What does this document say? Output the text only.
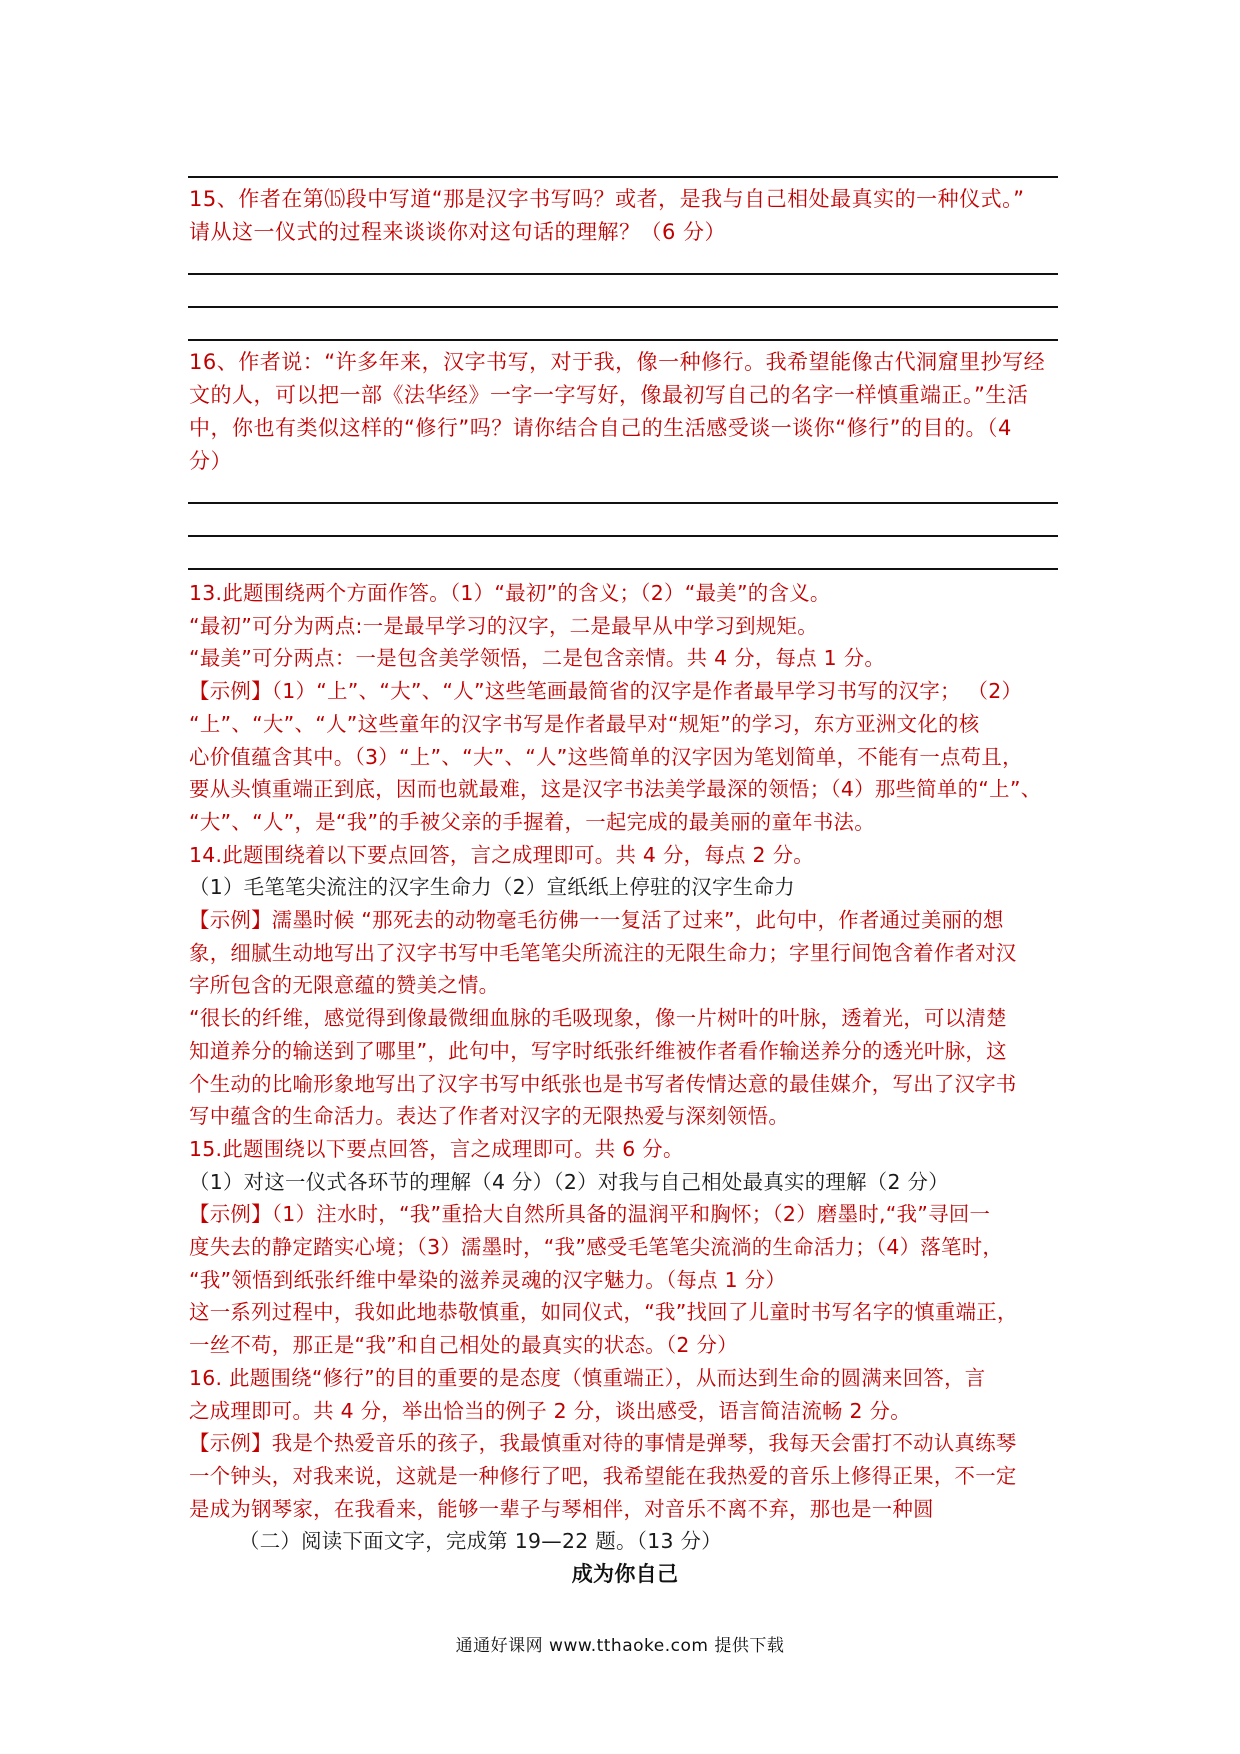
15、作者在第⒂段中写道“那是汉字书写吗？或者，是我与自己相处最真实的一种仪式。”
请从这一仪式的过程来谈谈你对这句话的理解？（6 分）
16、作者说：“许多年来，汉字书写，对于我，像一种修行。我希望能像古代洞窟里抄写经
文的人，可以把一部《法华经》一字一字写好，像最初写自己的名字一样慎重端正。”生活
中，你也有类似这样的“修行”吗？请你结合自己的生活感受谈一谈你“修行”的目的。（4
分）

13.此题围绕两个方面作答。（1）“最初”的含义；（2）“最美”的含义。

“最初”可分为两点:一是最早学习的汉字，二是最早从中学习到规矩。

“最美”可分两点：一是包含美学领悟，二是包含亲情。共 4 分，每点 1 分。

【示例】（1）“上”、“大”、“人”这些笔画最简省的汉字是作者最早学习书写的汉字； （2）

“上”、“大”、“人”这些童年的汉字书写是作者最早对“规矩”的学习，东方亚洲文化的核

心价值蕴含其中。（3）“上”、“大”、“人”这些简单的汉字因为笔划简单，不能有一点苟且，

要从头慎重端正到底，因而也就最难，这是汉字书法美学最深的领悟；（4）那些简单的“上”、

“大”、“人”，是“我”的手被父亲的手握着，一起完成的最美丽的童年书法。

14.此题围绕着以下要点回答，言之成理即可。共 4 分，每点 2 分。

（1）毛笔笔尖流注的汉字生命力（2）宣纸纸上停驻的汉字生命力

【示例】濡墨时候 “那死去的动物毫毛彷佛一一复活了过来”，此句中，作者通过美丽的想

象，细腻生动地写出了汉字书写中毛笔笔尖所流注的无限生命力；字里行间饱含着作者对汉

字所包含的无限意蕴的赞美之情。

“很长的纤维，感觉得到像最微细血脉的毛吸现象，像一片树叶的叶脉，透着光，可以清楚

知道养分的输送到了哪里”，此句中，写字时纸张纤维被作者看作输送养分的透光叶脉，这

个生动的比喻形象地写出了汉字书写中纸张也是书写者传情达意的最佳媒介，写出了汉字书

写中蕴含的生命活力。表达了作者对汉字的无限热爱与深刻领悟。

15.此题围绕以下要点回答，言之成理即可。共 6 分。

（1）对这一仪式各环节的理解（4 分）（2）对我与自己相处最真实的理解（2 分）

【示例】（1）注水时，“我”重拾大自然所具备的温润平和胸怀；（2）磨墨时,“我”寻回一

度失去的静定踏实心境；（3）濡墨时，“我”感受毛笔笔尖流淌的生命活力；（4）落笔时，

“我”领悟到纸张纤维中晕染的滋养灵魂的汉字魅力。（每点 1 分）

这一系列过程中，我如此地恭敬慎重，如同仪式，“我”找回了儿童时书写名字的慎重端正，

一丝不苟，那正是“我”和自己相处的最真实的状态。（2 分）

16. 此题围绕“修行”的目的重要的是态度（慎重端正），从而达到生命的圆满来回答，言

之成理即可。共 4 分，举出恰当的例子 2 分，谈出感受，语言简洁流畅 2 分。

【示例】我是个热爱音乐的孩子，我最慎重对待的事情是弹琴，我每天会雷打不动认真练琴

一个钟头，对我来说，这就是一种修行了吧，我希望能在我热爱的音乐上修得正果，不一定

是成为钢琴家，在我看来，能够一辈子与琴相伴，对音乐不离不弃，那也是一种圆

（二）阅读下面文字，完成第 19—22 题。（13 分）

成为你自己

通通好课网 www.tthaoke.com 提供下载
